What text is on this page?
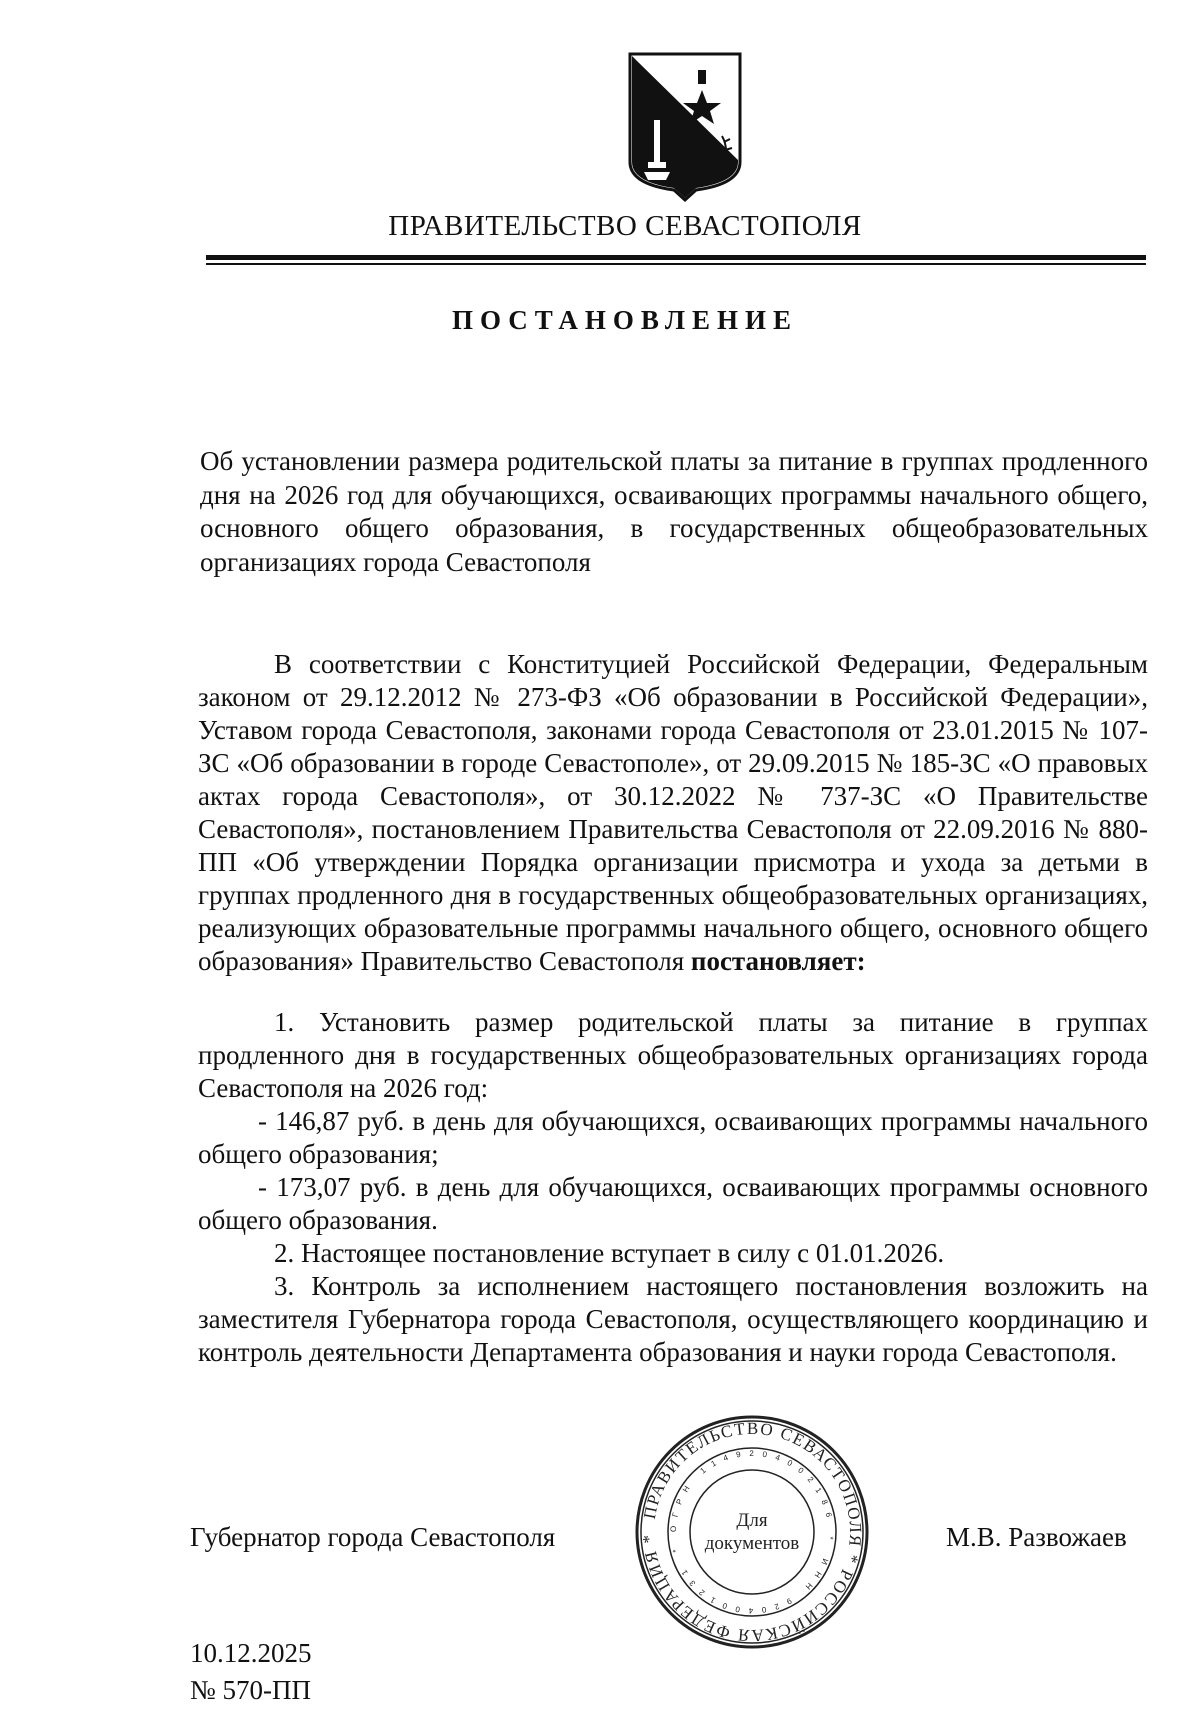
ПРАВИТЕЛЬСТВО СЕВАСТОПОЛЯ
ПОСТАНОВЛЕНИЕ
Об установлении размера родительской платы за питание в группах продленного дня на 2026 год для обучающихся, осваивающих программы начального общего, основного общего образования, в государственных общеобразовательных организациях города Севастополя

В соответствии с Конституцией Российской Федерации, Федеральным законом от 29.12.2012 № 273-ФЗ «Об образовании в Российской Федерации», Уставом города Севастополя, законами города Севастополя от 23.01.2015 № 107-ЗС «Об образовании в городе Севастополе», от 29.09.2015 № 185-ЗС «О правовых актах города Севастополя», от 30.12.2022 № 737-ЗС «О Правительстве Севастополя», постановлением Правительства Севастополя от 22.09.2016 № 880-ПП «Об утверждении Порядка организации присмотра и ухода за детьми в группах продленного дня в государственных общеобразовательных организациях, реализующих образовательные программы начального общего, основного общего образования» Правительство Севастополя постановляет:

1. Установить размер родительской платы за питание в группах продленного дня в государственных общеобразовательных организациях города Севастополя на 2026 год:

- 146,87 руб. в день для обучающихся, осваивающих программы начального общего образования;

- 173,07 руб. в день для обучающихся, осваивающих программы основного общего образования.

2. Настоящее постановление вступает в силу с 01.01.2026.

3. Контроль за исполнением настоящего постановления возложить на заместителя Губернатора города Севастополя, осуществляющего координацию и контроль деятельности Департамента образования и науки города Севастополя.

Губернатор города Севастополя	М.В. Развожаев
ПРАВИТЕЛЬСТВО СЕВАСТОПОЛЯ * РОССИЙСКАЯ ФЕДЕРАЦИЯ *
ОГРН 1149204002186 * ИНН 9204001231 *
Для
документов
10.12.2025
№ 570-ПП
